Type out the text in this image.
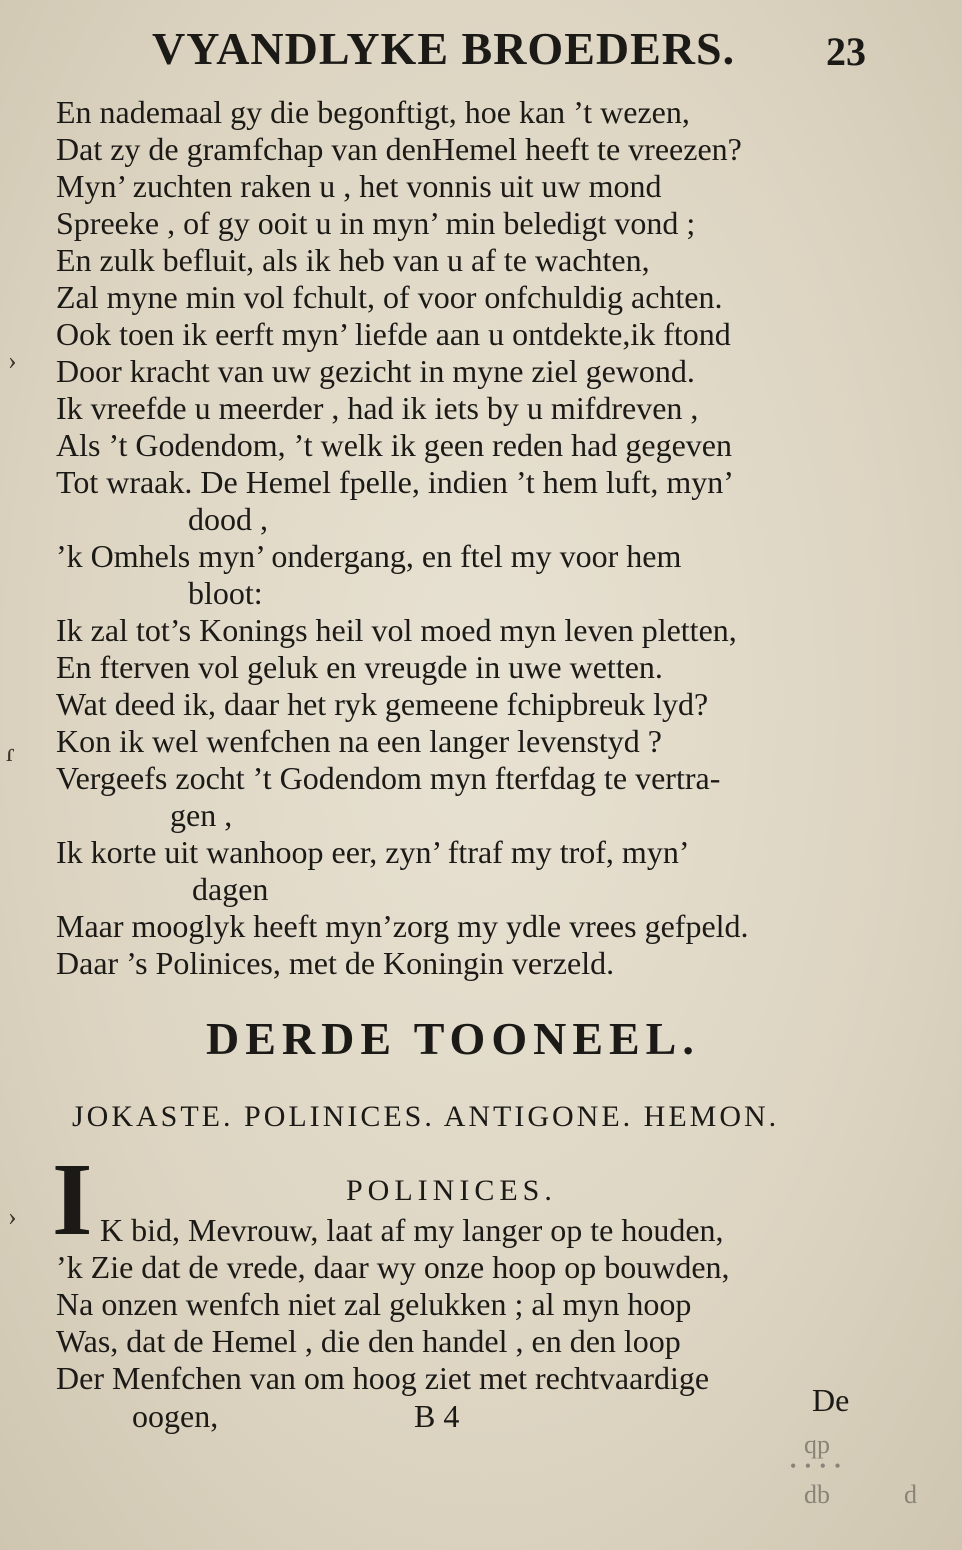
VYANDLYKE BROEDERS. 23
En nademaal gy die begonftigt, hoe kan ’t wezen,
Dat zy de gramfchap van denHemel heeft te vreezen?
Myn’ zuchten raken u , het vonnis uit uw mond
Spreeke , of gy ooit u in myn’ min beledigt vond ;
En zulk befluit, als ik heb van u af te wachten,
Zal myne min vol fchult, of voor onfchuldig achten.
Ook toen ik eerft myn’ liefde aan u ontdekte,ik ftond
Door kracht van uw gezicht in myne ziel gewond.
Ik vreefde u meerder , had ik iets by u mifdreven ,
Als ’t Godendom, ’t welk ik geen reden had gegeven
Tot wraak. De Hemel fpelle, indien ’t hem luft, myn’
dood ,
’k Omhels myn’ ondergang, en ftel my voor hem
bloot:
Ik zal tot’s Konings heil vol moed myn leven pletten,
En fterven vol geluk en vreugde in uwe wetten.
Wat deed ik, daar het ryk gemeene fchipbreuk lyd?
Kon ik wel wenfchen na een langer levenstyd ?
Vergeefs zocht ’t Godendom myn fterfdag te vertra-
gen ,
Ik korte uit wanhoop eer, zyn’ ftraf my trof, myn’
dagen
Maar mooglyk heeft myn’zorg my ydle vrees gefpeld.
Daar ’s Polinices, met de Koningin verzeld.
DERDE TOONEEL.
JOKASTE. POLINICES. ANTIGONE. HEMON.
I	POLINICES.
K bid, Mevrouw, laat af my langer op te houden,
’k Zie dat de vrede, daar wy onze hoop op bouwden,
Na onzen wenfch niet zal gelukken ; al myn hoop
Was, dat de Hemel , die den handel , en den loop
Der Menfchen van om hoog ziet met rechtvaardige
oogen,	B 4	De
›
ɾ
›
qp
• • • •
db	d
